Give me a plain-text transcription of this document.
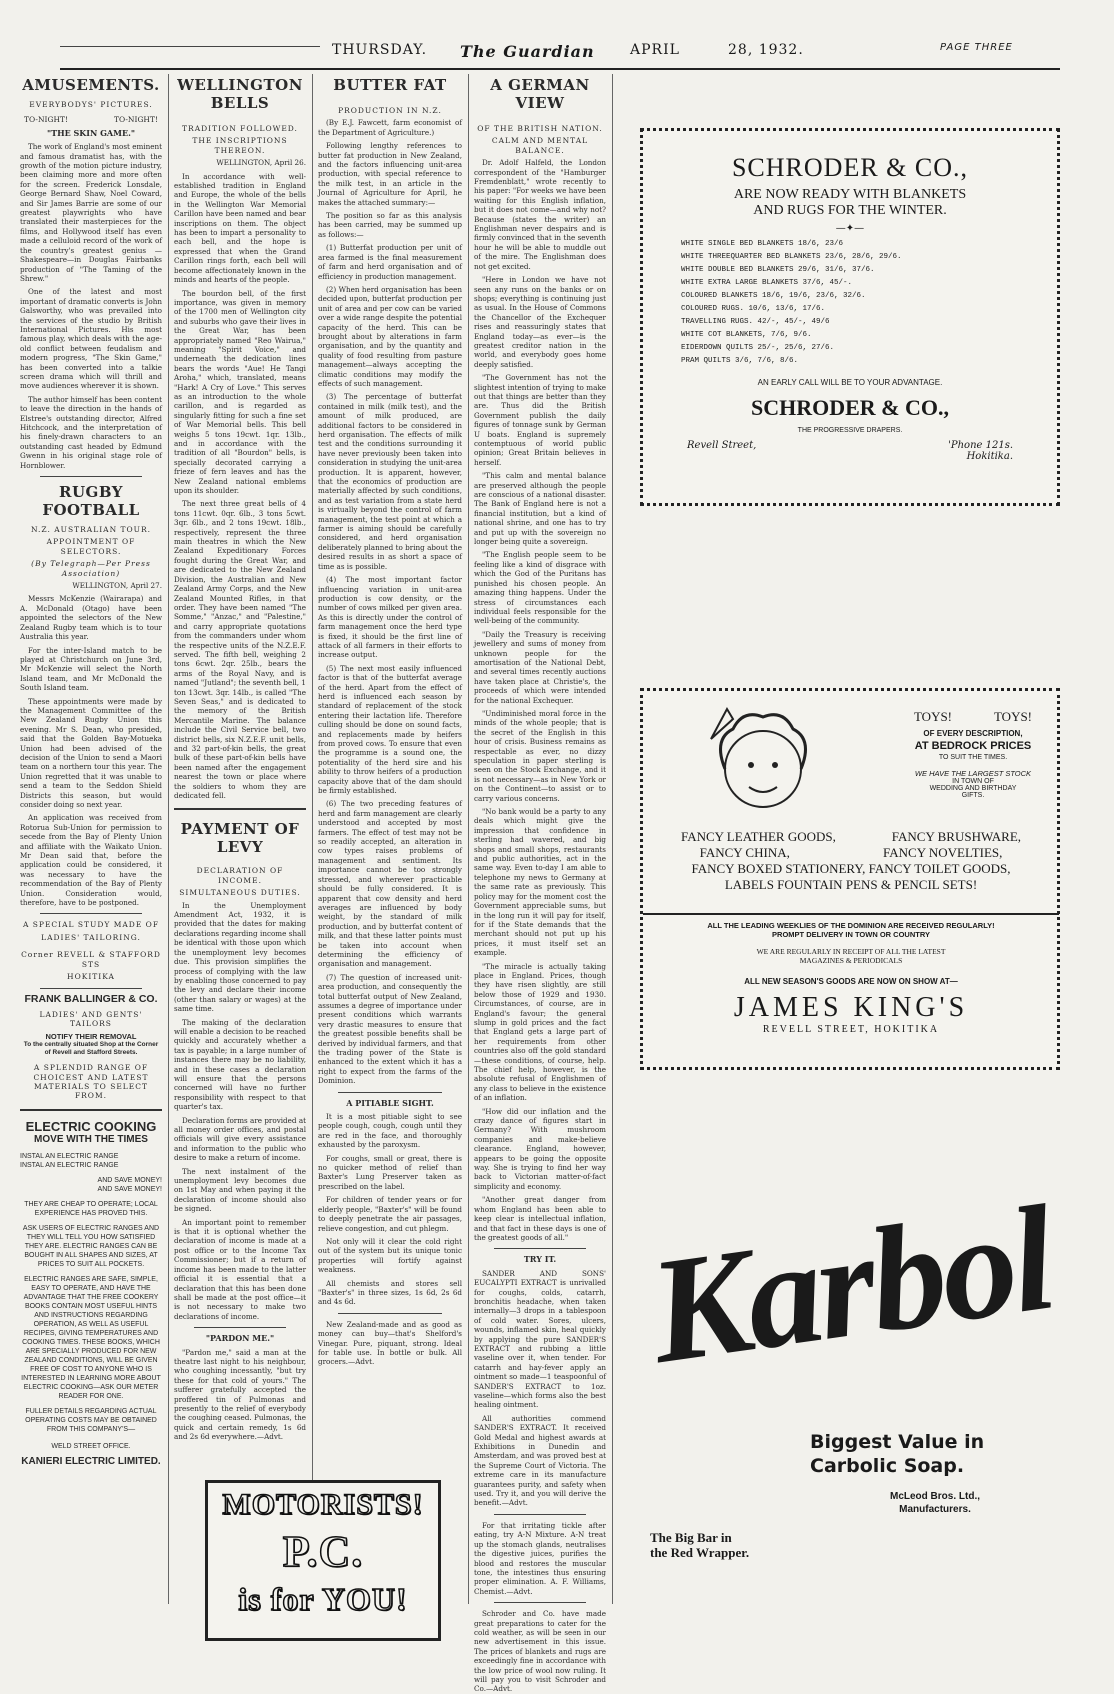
THURSDAY. The Guardian	APRIL	28, 1932.	PAGE THREE
AMUSEMENTS.
EVERYBODYS' PICTURES.
TO-NIGHT!	TO-NIGHT!
"THE SKIN GAME."

The work of England's most eminent and famous dramatist has, with the growth of the motion picture industry, been claiming more and more often for the screen. Frederick Lonsdale, George Bernard Shaw, Noel Coward, and Sir James Barrie are some of our greatest playwrights who have translated their masterpieces for the films, and Hollywood itself has even made a celluloid record of the work of the country's greatest genius —Shakespeare—in Douglas Fairbanks production of "The Taming of the Shrew."

One of the latest and most important of dramatic converts is John Galsworthy, who was prevailed into the services of the studio by British International Pictures. His most famous play, which deals with the age-old conflict between feudalism and modern progress, "The Skin Game," has been converted into a talkie screen drama which will thrill and move audiences wherever it is shown.

The author himself has been content to leave the direction in the hands of Elstree's outstanding director, Alfred Hitchcock, and the interpretation of his finely-drawn characters to an outstanding cast headed by Edmund Gwenn in his original stage role of Hornblower.

RUGBY FOOTBALL
N.Z. AUSTRALIAN TOUR.
APPOINTMENT OF SELECTORS.
(By Telegraph—Per Press Association)

WELLINGTON, April 27.

Messrs McKenzie (Wairarapa) and A. McDonald (Otago) have been appointed the selectors of the New Zealand Rugby team which is to tour Australia this year.

For the inter-Island match to be played at Christchurch on June 3rd, Mr McKenzie will select the North Island team, and Mr McDonald the South Island team.

These appointments were made by the Management Committee of the New Zealand Rugby Union this evening. Mr S. Dean, who presided, said that the Golden Bay-Motueka Union had been advised of the decision of the Union to send a Maori team on a northern tour this year. The Union regretted that it was unable to send a team to the Seddon Shield Districts this season, but would consider doing so next year.

An application was received from Rotorua Sub-Union for permission to secede from the Bay of Plenty Union and affiliate with the Waikato Union. Mr Dean said that, before the application could be considered, it was necessary to have the recommendation of the Bay of Plenty Union. Consideration would, therefore, have to be postponed.

A SPECIAL STUDY MADE OF
LADIES' TAILORING.
Corner REVELL & STAFFORD STS
HOKITIKA
FRANK BALLINGER & CO.
LADIES' AND GENTS' TAILORS
NOTIFY THEIR REMOVAL
To the centrally situated Shop at the Corner of Revell and Stafford Streets.
A SPLENDID RANGE OF CHOICEST AND LATEST MATERIALS TO SELECT FROM.
ELECTRIC COOKING
MOVE WITH THE TIMES
INSTAL AN ELECTRIC RANGE
INSTAL AN ELECTRIC RANGE
AND SAVE MONEY!
AND SAVE MONEY!
THEY ARE CHEAP TO OPERATE; LOCAL EXPERIENCE HAS PROVED THIS.
ASK USERS OF ELECTRIC RANGES AND THEY WILL TELL YOU HOW SATISFIED THEY ARE. ELECTRIC RANGES CAN BE BOUGHT IN ALL SHAPES AND SIZES, AT PRICES TO SUIT ALL POCKETS.
ELECTRIC RANGES ARE SAFE, SIMPLE, EASY TO OPERATE, AND HAVE THE ADVANTAGE THAT THE FREE COOKERY BOOKS CONTAIN MOST USEFUL HINTS AND INSTRUCTIONS REGARDING OPERATION, AS WELL AS USEFUL RECIPES, GIVING TEMPERATURES AND COOKING TIMES. THESE BOOKS, WHICH ARE SPECIALLY PRODUCED FOR NEW ZEALAND CONDITIONS, WILL BE GIVEN FREE OF COST TO ANYONE WHO IS INTERESTED IN LEARNING MORE ABOUT ELECTRIC COOKING—ASK OUR METER READER FOR ONE.
FULLER DETAILS REGARDING ACTUAL OPERATING COSTS MAY BE OBTAINED FROM THIS COMPANY'S—
WELD STREET OFFICE.
KANIERI ELECTRIC LIMITED.
WELLINGTON BELLS
TRADITION FOLLOWED.
THE INSCRIPTIONS THEREON.

WELLINGTON, April 26.

In accordance with well-established tradition in England and Europe, the whole of the bells in the Wellington War Memorial Carillon have been named and bear inscriptions on them. The object has been to impart a personality to each bell, and the hope is expressed that when the Grand Carillon rings forth, each bell will become affectionately known in the minds and hearts of the people.

The bourdon bell, of the first importance, was given in memory of the 1700 men of Wellington city and suburbs who gave their lives in the Great War, has been appropriately named "Reo Wairua," meaning "Spirit Voice," and underneath the dedication lines bears the words "Aue! He Tangi Aroha," which, translated, means "Hark! A Cry of Love." This serves as an introduction to the whole carillon, and is regarded as singularly fitting for such a fine set of War Memorial bells. This bell weighs 5 tons 19cwt. 1qr. 13lb., and in accordance with the tradition of all "Bourdon" bells, is specially decorated carrying a frieze of fern leaves and has the New Zealand national emblems upon its shoulder.

The next three great bells of 4 tons 11cwt. 0qr. 6lb., 3 tons 5cwt. 3qr. 6lb., and 2 tons 19cwt. 18lb., respectively, represent the three main theatres in which the New Zealand Expeditionary Forces fought during the Great War, and are dedicated to the New Zealand Division, the Australian and New Zealand Army Corps, and the New Zealand Mounted Rifles, in that order. They have been named "The Somme," "Anzac," and "Palestine," and carry appropriate quotations from the commanders under whom the respective units of the N.Z.E.F. served. The fifth bell, weighing 2 tons 6cwt. 2qr. 25lb., bears the arms of the Royal Navy, and is named "Jutland"; the seventh bell, 1 ton 13cwt. 3qr. 14lb., is called "The Seven Seas," and is dedicated to the memory of the British Mercantile Marine. The balance include the Civil Service bell, two district bells, six N.Z.E.F. unit bells, and 32 part-of-kin bells, the great bulk of these part-of-kin bells have been named after the engagement nearest the town or place where the soldiers to whom they are dedicated fell.

PAYMENT OF LEVY
DECLARATION OF INCOME.
SIMULTANEOUS DUTIES.

In the Unemployment Amendment Act, 1932, it is provided that the dates for making declarations regarding income shall be identical with those upon which the unemployment levy becomes due. This provision simplifies the process of complying with the law by enabling those concerned to pay the levy and declare their income (other than salary or wages) at the same time.

The making of the declaration will enable a decision to be reached quickly and accurately whether a tax is payable; in a large number of instances there may be no liability, and in these cases a declaration will ensure that the persons concerned will have no further responsibility with respect to that quarter's tax.

Declaration forms are provided at all money order offices, and postal officials will give every assistance and information to the public who desire to make a return of income.

The next instalment of the unemployment levy becomes due on 1st May and when paying it the declaration of income should also be signed.

An important point to remember is that it is optional whether the declaration of income is made at a post office or to the Income Tax Commissioner; but if a return of income has been made to the latter official it is essential that a declaration that this has been done shall be made at the post office—it is not necessary to make two declarations of income.

"PARDON ME."

"Pardon me," said a man at the theatre last night to his neighbour, who coughing incessantly, "but try these for that cold of yours." The sufferer gratefully accepted the proffered tin of Pulmonas and presently to the relief of everybody the coughing ceased. Pulmonas, the quick and certain remedy, 1s 6d and 2s 6d everywhere.—Advt.

MOTORISTS!
P.C.
is for YOU!
BUTTER FAT
PRODUCTION IN N.Z.

(By E.J. Fawcett, farm economist of the Department of Agriculture.)

Following lengthy references to butter fat production in New Zealand, and the factors influencing unit-area production, with special reference to the milk test, in an article in the Journal of Agriculture for April, he makes the attached summary:—

The position so far as this analysis has been carried, may be summed up as follows:—

(1) Butterfat production per unit of area farmed is the final measurement of farm and herd organisation and of efficiency in production management.

(2) When herd organisation has been decided upon, butterfat production per unit of area and per cow can be varied over a wide range despite the potential capacity of the herd. This can be brought about by alterations in farm organisation, and by the quantity and quality of food resulting from pasture management—always accepting the climatic conditions may modify the effects of such management.

(3) The percentage of butterfat contained in milk (milk test), and the amount of milk produced, are additional factors to be considered in herd organisation. The effects of milk test and the conditions surrounding it have never previously been taken into consideration in studying the unit-area production. It is apparent, however, that the economics of production are materially affected by such conditions, and as test variation from a state herd is virtually beyond the control of farm management, the test point at which a farmer is aiming should be carefully considered, and herd organisation deliberately planned to bring about the desired results in as short a space of time as is possible.

(4) The most important factor influencing variation in unit-area production is cow density, or the number of cows milked per given area. As this is directly under the control of farm management once the herd type is fixed, it should be the first line of attack of all farmers in their efforts to increase output.

(5) The next most easily influenced factor is that of the butterfat average of the herd. Apart from the effect of herd is influenced each season by standard of replacement of the stock entering their lactation life. Therefore culling should be done on sound facts, and replacements made by heifers from proved cows. To ensure that even the programme is a sound one, the potentiality of the herd sire and his ability to throw heifers of a production capacity above that of the dam should be firmly established.

(6) The two preceding features of herd and farm management are clearly understood and accepted by most farmers. The effect of test may not be so readily accepted, an alteration in cow types raises problems of management and sentiment. Its importance cannot be too strongly stressed, and wherever practicable should be fully considered. It is apparent that cow density and herd averages are influenced by body weight, by the standard of milk production, and by butterfat content of milk, and that these latter points must be taken into account when determining the efficiency of organisation and management.

(7) The question of increased unit-area production, and consequently the total butterfat output of New Zealand, assumes a degree of importance under present conditions which warrants very drastic measures to ensure that the greatest possible benefits shall be derived by individual farmers, and that the trading power of the State is enhanced to the extent which it has a right to expect from the farms of the Dominion.

A PITIABLE SIGHT.

It is a most pitiable sight to see people cough, cough, cough until they are red in the face, and thoroughly exhausted by the paroxysm.

For coughs, small or great, there is no quicker method of relief than Baxter's Lung Preserver taken as prescribed on the label.

For children of tender years or for elderly people, "Baxter's" will be found to deeply penetrate the air passages, relieve congestion, and cut phlegm.

Not only will it clear the cold right out of the system but its unique tonic properties will fortify against weakness.

All chemists and stores sell "Baxter's" in three sizes, 1s 6d, 2s 6d and 4s 6d.

New Zealand-made and as good as money can buy—that's Shelford's Vinegar. Pure, piquant, strong. Ideal for table use. In bottle or bulk. All grocers.—Advt.

A GERMAN VIEW
OF THE BRITISH NATION.
CALM AND MENTAL BALANCE.

Dr. Adolf Halfeld, the London correspondent of the "Hamburger Fremdenblatt," wrote recently to his paper: "For weeks we have been waiting for this English inflation, but it does not come—and why not? Because (states the writer) an Englishman never despairs and is firmly convinced that in the seventh hour he will be able to muddle out of the mire. The Englishman does not get excited.

"Here in London we have not seen any runs on the banks or on shops; everything is continuing just as usual. In the House of Commons the Chancellor of the Exchequer rises and reassuringly states that England today—as ever—is the greatest creditor nation in the world, and everybody goes home deeply satisfied.

"The Government has not the slightest intention of trying to make out that things are better than they are. Thus did the British Government publish the daily figures of tonnage sunk by German U boats. England is supremely contemptuous of world public opinion; Great Britain believes in herself.

"This calm and mental balance are preserved although the people are conscious of a national disaster. The Bank of England here is not a financial institution, but a kind of national shrine, and one has to try and put up with the sovereign no longer being quite a sovereign.

"The English people seem to be feeling like a kind of disgrace with which the God of the Puritans has punished his chosen people. An amazing thing happens. Under the stress of circumstances each individual feels responsible for the well-being of the community.

"Daily the Treasury is receiving jewellery and sums of money from unknown people for the amortisation of the National Debt, and several times recently auctions have taken place at Christie's, the proceeds of which were intended for the national Exchequer.

"Undiminished moral force in the minds of the whole people; that is the secret of the English in this hour of crisis. Business remains as respectable as ever, no dizzy speculation in paper sterling is seen on the Stock Exchange, and it is not necessary—as in New York or on the Continent—to assist or to carry various concerns.

"No bank would be a party to any deals which might give the impression that confidence in sterling had wavered, and big shops and small shops, restaurants and public authorities, act in the same way. Even to-day I am able to telephone my news to Germany at the same rate as previously. This policy may for the moment cost the Government appreciable sums, but in the long run it will pay for itself, for if the State demands that the merchant should not put up his prices, it must itself set an example.

"The miracle is actually taking place in England. Prices, though they have risen slightly, are still below those of 1929 and 1930. Circumstances, of course, are in England's favour; the general slump in gold prices and the fact that England gets a large part of her requirements from other countries also off the gold standard—these conditions, of course, help. The chief help, however, is the absolute refusal of Englishmen of any class to believe in the existence of an inflation.

"How did our inflation and the crazy dance of figures start in Germany? With mushroom companies and make-believe clearance. England, however, appears to be going the opposite way. She is trying to find her way back to Victorian matter-of-fact simplicity and economy.

"Another great danger from whom England has been able to keep clear is intellectual inflation, and that fact in these days is one of the greatest goods of all."

TRY IT.

SANDER AND SONS' EUCALYPTI EXTRACT is unrivalled for coughs, colds, catarrh, bronchitis headache, when taken internally—3 drops in a tablespoon of cold water. Sores, ulcers, wounds, inflamed skin, heal quickly by applying the pure SANDER'S EXTRACT and rubbing a little vaseline over it, when tender. For catarrh and hay-fever apply an ointment so made—1 teaspoonful of SANDER'S EXTRACT to 1oz. vaseline—which forms also the best healing ointment.

All authorities commend SANDER'S EXTRACT. It received Gold Medal and highest awards at Exhibitions in Dunedin and Amsterdam, and was proved best at the Supreme Court of Victoria. The extreme care in its manufacture guarantees purity, and safety when used. Try it, and you will derive the benefit.—Advt.

For that irritating tickle after eating, try A-N Mixture. A-N treat up the stomach glands, neutralises the digestive juices, purifies the blood and restores the muscular tone, the intestines thus ensuring proper elimination. A. F. Williams, Chemist.—Advt.

Schroder and Co. have made great preparations to cater for the cold weather, as will be seen in our new advertisement in this issue. The prices of blankets and rugs are exceedingly fine in accordance with the low price of wool now ruling. It will pay you to visit Schroder and Co.—Advt.

SCHRODER & CO.,
ARE NOW READY WITH BLANKETS
AND RUGS FOR THE WINTER.
—✦—
WHITE SINGLE BED BLANKETS 18/6, 23/6
WHITE THREEQUARTER BED BLANKETS 23/6, 28/6, 29/6.
WHITE DOUBLE BED BLANKETS 29/6, 31/6, 37/6.
WHITE EXTRA LARGE BLANKETS 37/6, 45/-.
COLOURED BLANKETS 18/6, 19/6, 23/6, 32/6.
COLOURED RUGS. 10/6, 13/6, 17/6.
TRAVELLING RUGS. 42/-, 45/-, 49/6
WHITE COT BLANKETS, 7/6, 9/6.
EIDERDOWN QUILTS 25/-, 25/6, 27/6.
PRAM QUILTS 3/6, 7/6, 8/6.
AN EARLY CALL WILL BE TO YOUR ADVANTAGE.
SCHRODER & CO.,
THE PROGRESSIVE DRAPERS.
Revell Street,	'Phone 121s.
Hokitika.
TOYS!	TOYS!
OF EVERY DESCRIPTION,
AT BEDROCK PRICES
TO SUIT THE TIMES.
WE HAVE THE LARGEST STOCK
IN TOWN OF
WEDDING AND BIRTHDAY
GIFTS.
FANCY LEATHER GOODS,	FANCY BRUSHWARE,
FANCY CHINA,	FANCY NOVELTIES,
FANCY BOXED STATIONERY, FANCY TOILET GOODS,
LABELS FOUNTAIN PENS & PENCIL SETS!
ALL THE LEADING WEEKLIES OF THE DOMINION ARE RECEIVED REGULARLY!
PROMPT DELIVERY IN TOWN OR COUNTRY
WE ARE REGULARLY IN RECEIPT OF ALL THE LATEST
MAGAZINES & PERIODICALS
ALL NEW SEASON'S GOODS ARE NOW ON SHOW AT—
JAMES KING'S
REVELL STREET, HOKITIKA
Karbol
Biggest Value in
Carbolic Soap.
McLeod Bros. Ltd.,
Manufacturers.
The Big Bar in
the Red Wrapper.
